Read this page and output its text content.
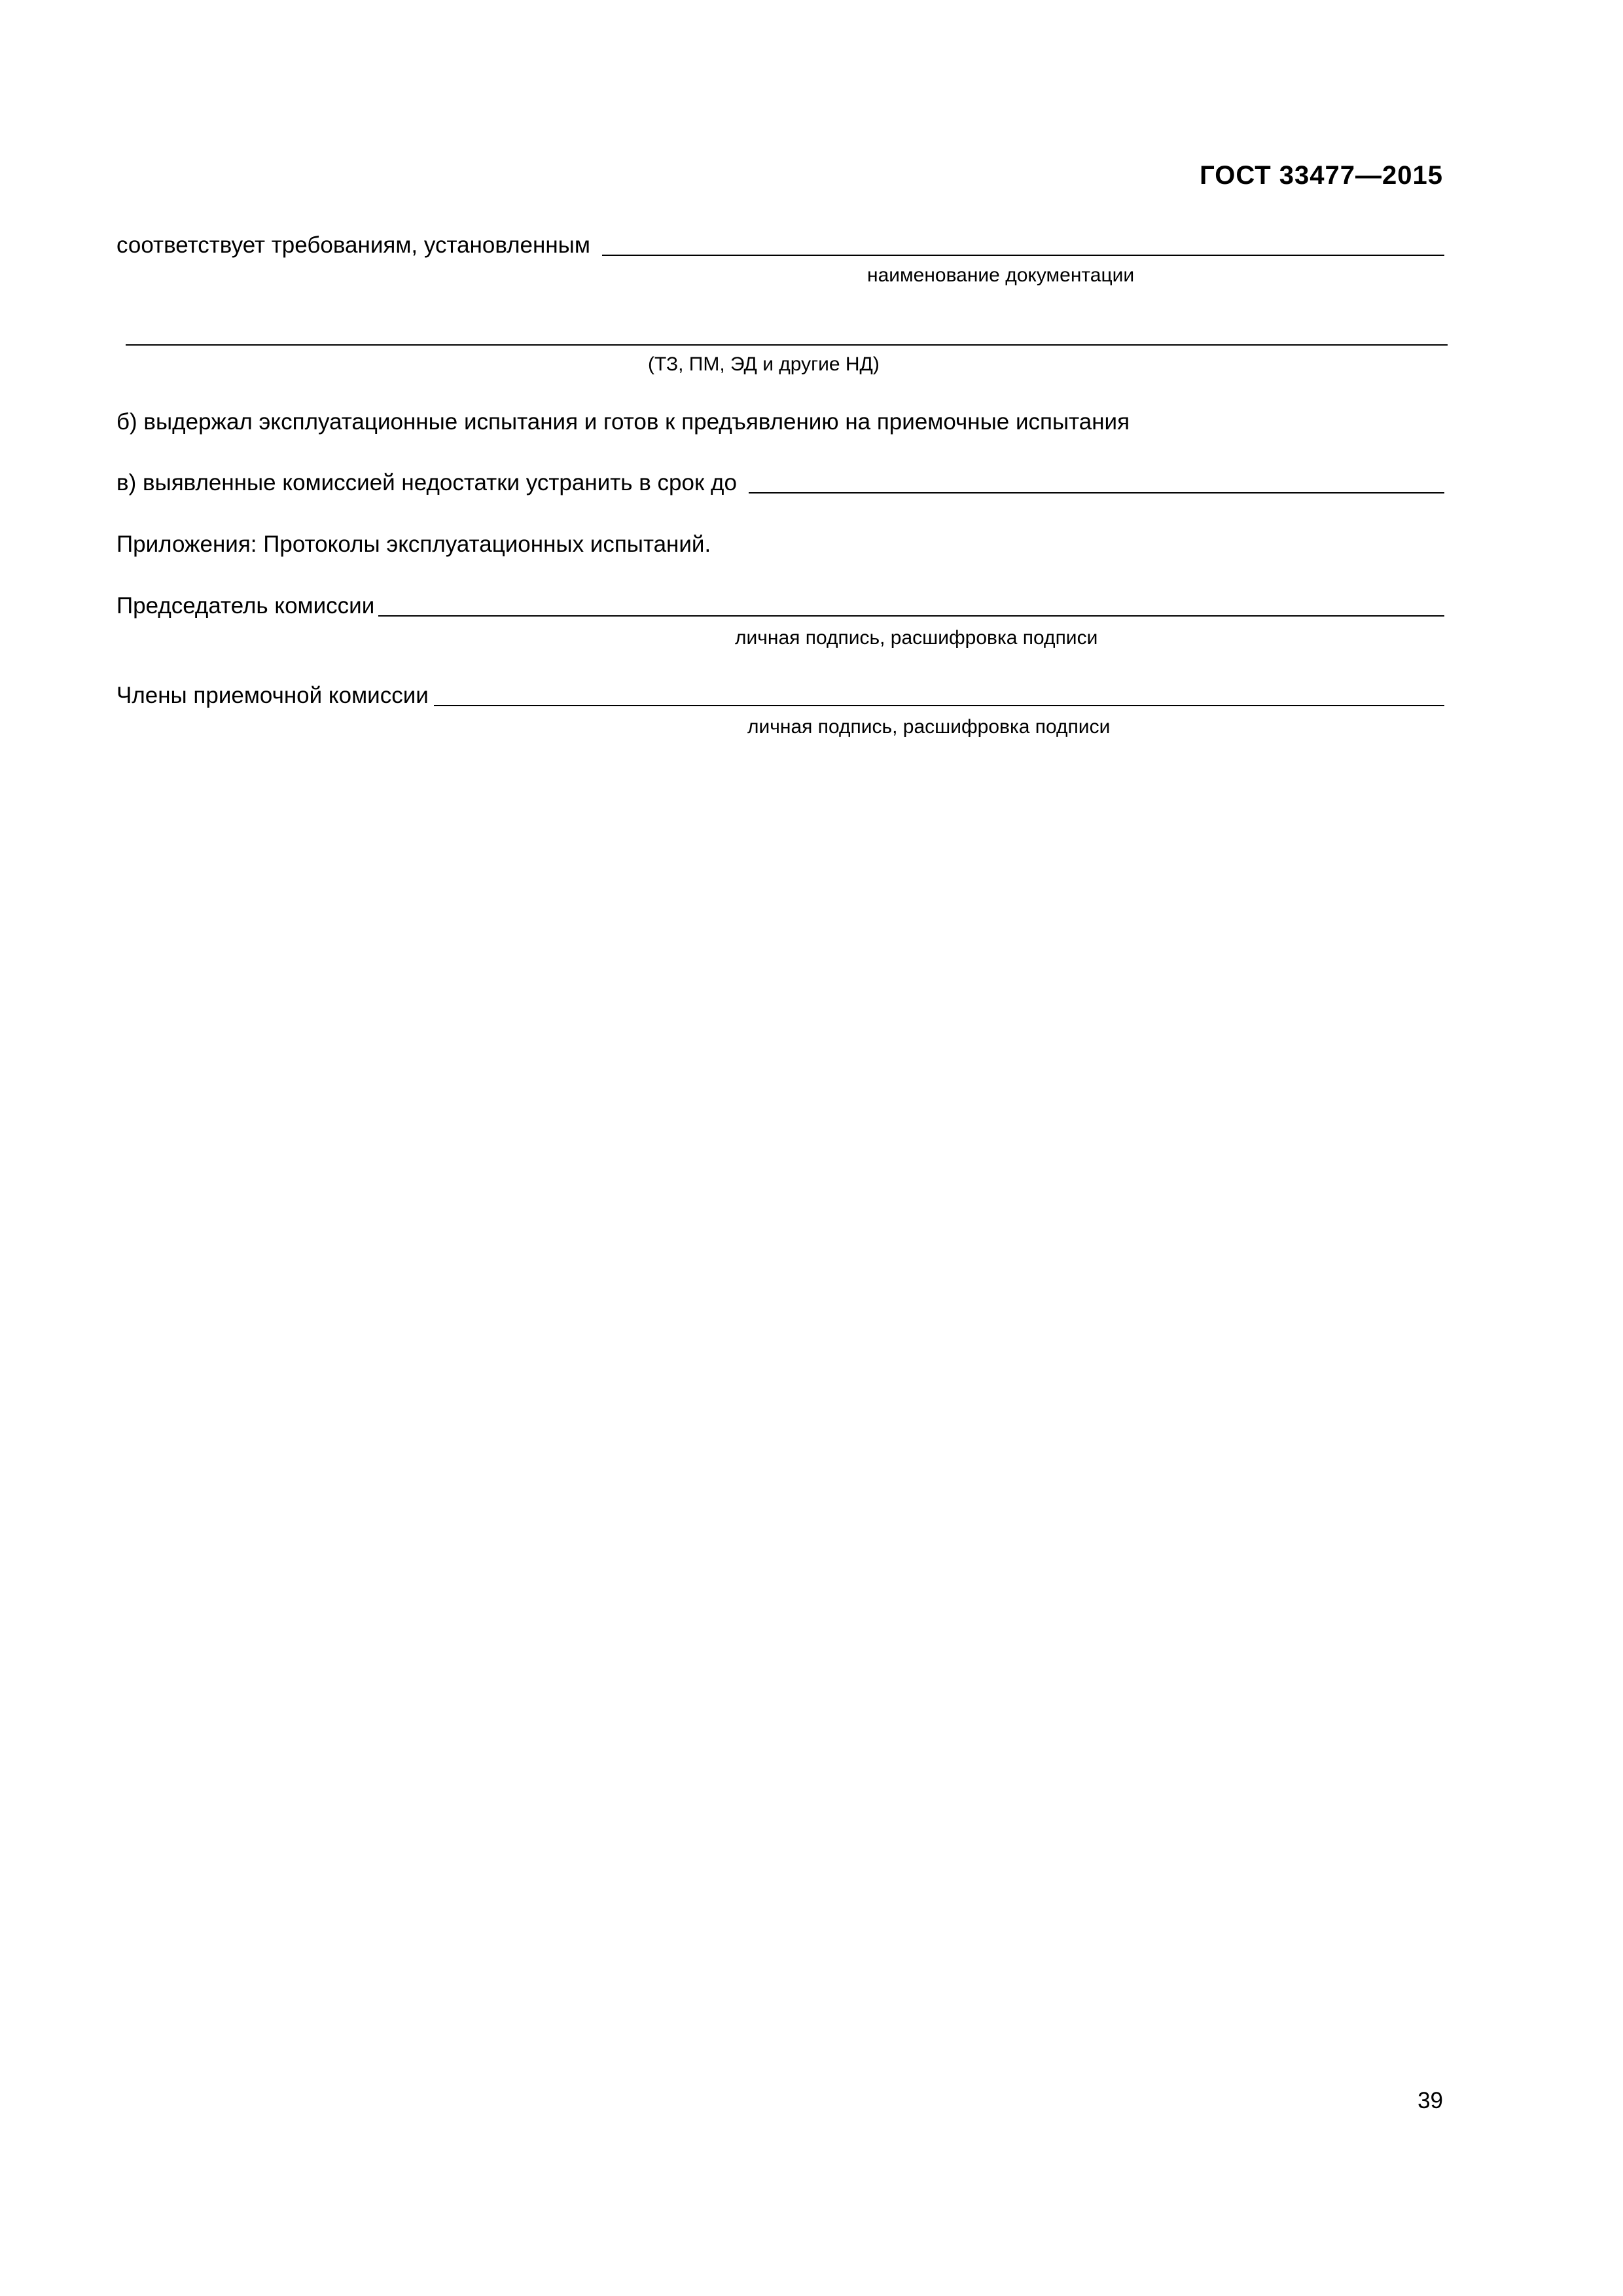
ГОСТ 33477—2015
соответствует требованиям, установленным
наименование документации
(ТЗ, ПМ, ЭД и другие НД)
б) выдержал эксплуатационные испытания и готов к предъявлению на приемочные испытания
в) выявленные комиссией недостатки устранить в срок до
Приложения: Протоколы эксплуатационных испытаний.
Председатель комиссии
личная подпись, расшифровка подписи
Члены приемочной комиссии
личная подпись, расшифровка подписи
39
